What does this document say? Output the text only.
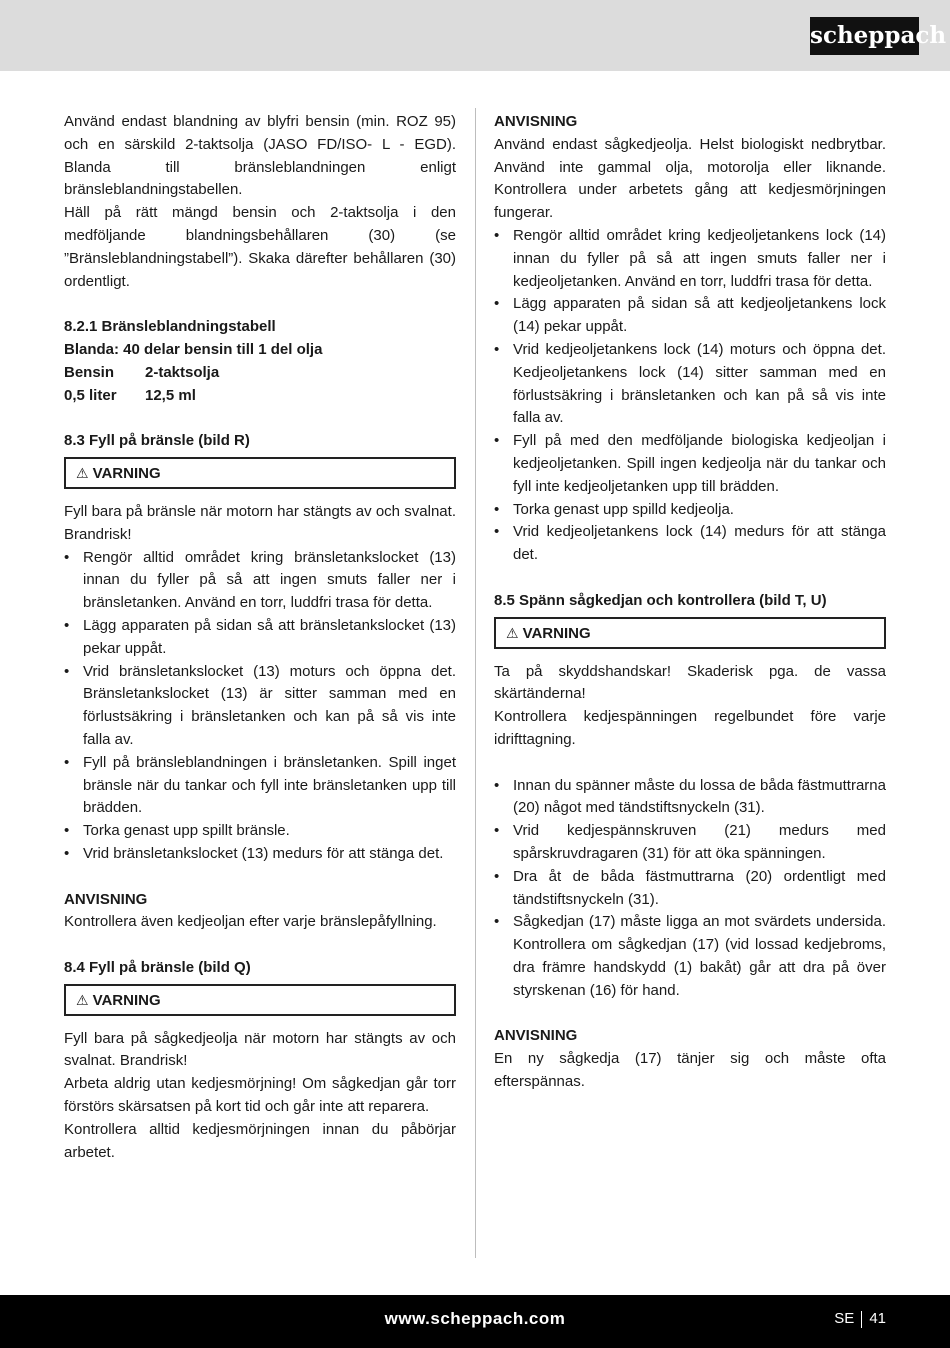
scheppach

Använd endast blandning av blyfri bensin (min. ROZ 95) och en särskild 2-taktsolja (JASO FD/ISO- L - EGD). Blanda till bränsleblandningen enligt bränsleblandningstabellen.

Häll på rätt mängd bensin och 2-taktsolja i den medföljande blandningsbehållaren (30) (se ”Bränsleblandningstabell”). Skaka därefter behållaren (30) ordentligt.

8.2.1 Bränsleblandningstabell

Blanda: 40 delar bensin till 1 del olja

Bensin	2-taktsolja
0,5 liter	12,5 ml

8.3 Fyll på bränsle (bild R)

⚠ VARNING

Fyll bara på bränsle när motorn har stängts av och svalnat. Brandrisk!

• Rengör alltid området kring bränsletankslocket (13) innan du fyller på så att ingen smuts faller ner i bränsletanken. Använd en torr, luddfri trasa för detta.
• Lägg apparaten på sidan så att bränsletankslocket (13) pekar uppåt.
• Vrid bränsletankslocket (13) moturs och öppna det. Bränsletankslocket (13) är sitter samman med en förlustsäkring i bränsletanken och kan på så vis inte falla av.
• Fyll på bränsleblandningen i bränsletanken. Spill inget bränsle när du tankar och fyll inte bränsletanken upp till brädden.
• Torka genast upp spillt bränsle.
• Vrid bränsletankslocket (13) medurs för att stänga det.

ANVISNING

Kontrollera även kedjeoljan efter varje bränslepåfyllning.

8.4 Fyll på bränsle (bild Q)

⚠ VARNING

Fyll bara på sågkedjeolja när motorn har stängts av och svalnat. Brandrisk!

Arbeta aldrig utan kedjesmörjning! Om sågkedjan går torr förstörs skärsatsen på kort tid och går inte att reparera.

Kontrollera alltid kedjesmörjningen innan du påbörjar arbetet.

ANVISNING

Använd endast sågkedjeolja. Helst biologiskt nedbrytbar. Använd inte gammal olja, motorolja eller liknande. Kontrollera under arbetets gång att kedjesmörjningen fungerar.

• Rengör alltid området kring kedjeoljetankens lock (14) innan du fyller på så att ingen smuts faller ner i kedjeoljetanken. Använd en torr, luddfri trasa för detta.
• Lägg apparaten på sidan så att kedjeoljetankens lock (14) pekar uppåt.
• Vrid kedjeoljetankens lock (14) moturs och öppna det. Kedjeoljetankens lock (14) sitter samman med en förlustsäkring i bränsletanken och kan på så vis inte falla av.
• Fyll på med den medföljande biologiska kedjeoljan i kedjeoljetanken. Spill ingen kedjeolja när du tankar och fyll inte kedjeoljetanken upp till brädden.
• Torka genast upp spilld kedjeolja.
• Vrid kedjeoljetankens lock (14) medurs för att stänga det.

8.5 Spänn sågkedjan och kontrollera (bild T, U)

⚠ VARNING

Ta på skyddshandskar! Skaderisk pga. de vassa skärtänderna!

Kontrollera kedjespänningen regelbundet före varje idrifttagning.

• Innan du spänner måste du lossa de båda fästmuttrarna (20) något med tändstiftsnyckeln (31).
• Vrid kedjespännskruven (21) medurs med spårskruvdragaren (31) för att öka spänningen.
• Dra åt de båda fästmuttrarna (20) ordentligt med tändstiftsnyckeln (31).
• Sågkedjan (17) måste ligga an mot svärdets undersida. Kontrollera om sågkedjan (17) (vid lossad kedjebroms, dra främre handskydd (1) bakåt) går att dra på över styrskenan (16) för hand.

ANVISNING

En ny sågkedja (17) tänjer sig och måste ofta efterspännas.

www.scheppach.com	SE 41
